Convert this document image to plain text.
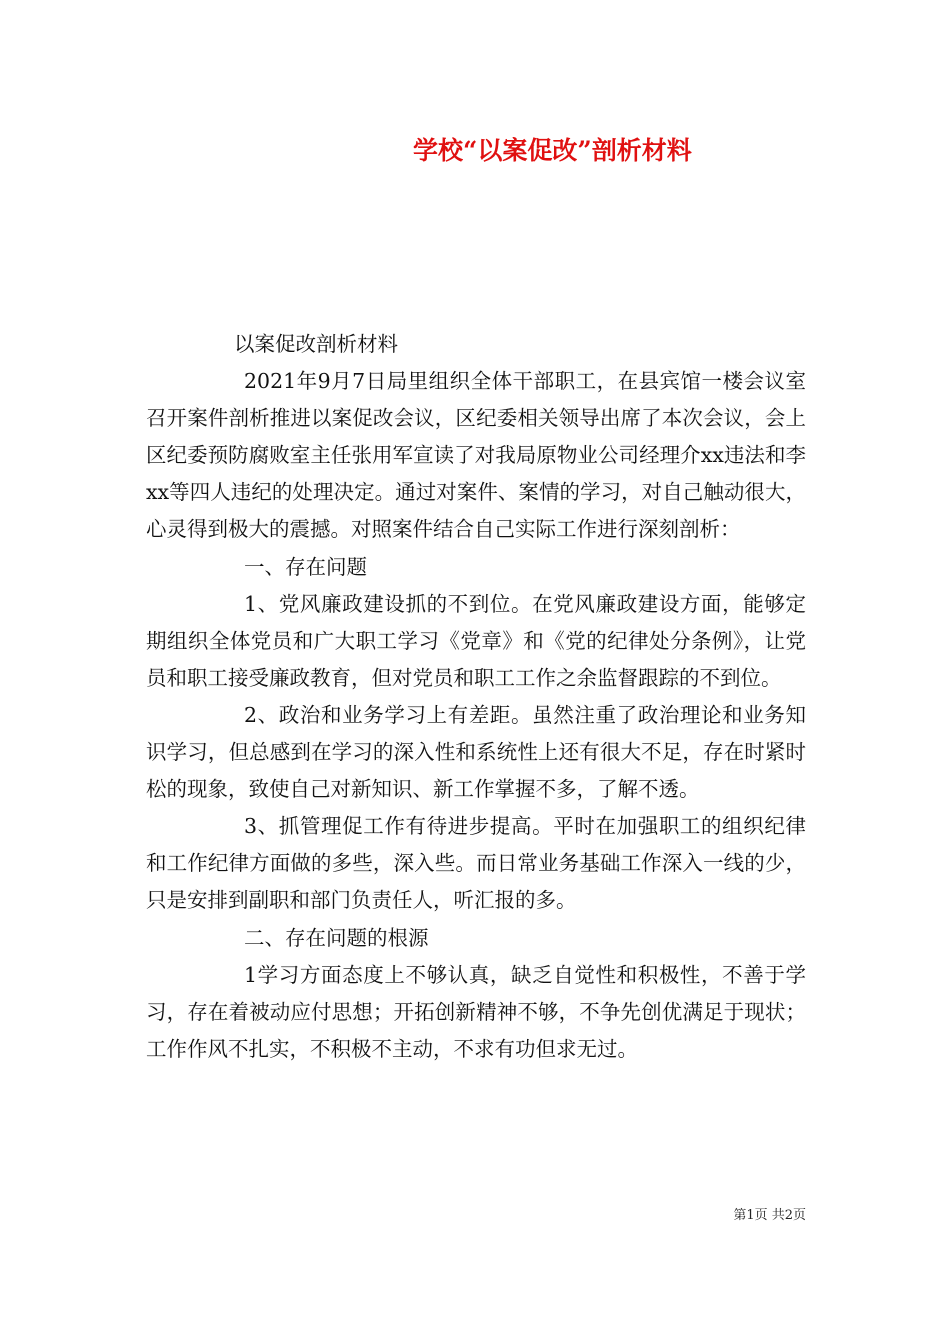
学校“以案促改”剖析材料

以案促改剖析材料

2021年9月7日局里组织全体干部职工，在县宾馆一楼会议室召开案件剖析推进以案促改会议，区纪委相关领导出席了本次会议，会上区纪委预防腐败室主任张用军宣读了对我局原物业公司经理介xx违法和李xx等四人违纪的处理决定。通过对案件、案情的学习，对自己触动很大，心灵得到极大的震撼。对照案件结合自己实际工作进行深刻剖析：

一、存在问题

1、党风廉政建设抓的不到位。在党风廉政建设方面，能够定期组织全体党员和广大职工学习《党章》和《党的纪律处分条例》，让党员和职工接受廉政教育，但对党员和职工工作之余监督跟踪的不到位。

2、政治和业务学习上有差距。虽然注重了政治理论和业务知识学习，但总感到在学习的深入性和系统性上还有很大不足，存在时紧时松的现象，致使自己对新知识、新工作掌握不多，了解不透。

3、抓管理促工作有待进步提高。平时在加强职工的组织纪律和工作纪律方面做的多些，深入些。而日常业务基础工作深入一线的少，只是安排到副职和部门负责任人，听汇报的多。

二、存在问题的根源

1学习方面态度上不够认真，缺乏自觉性和积极性，不善于学习，存在着被动应付思想；开拓创新精神不够，不争先创优满足于现状；工作作风不扎实，不积极不主动，不求有功但求无过。

第1页 共2页
